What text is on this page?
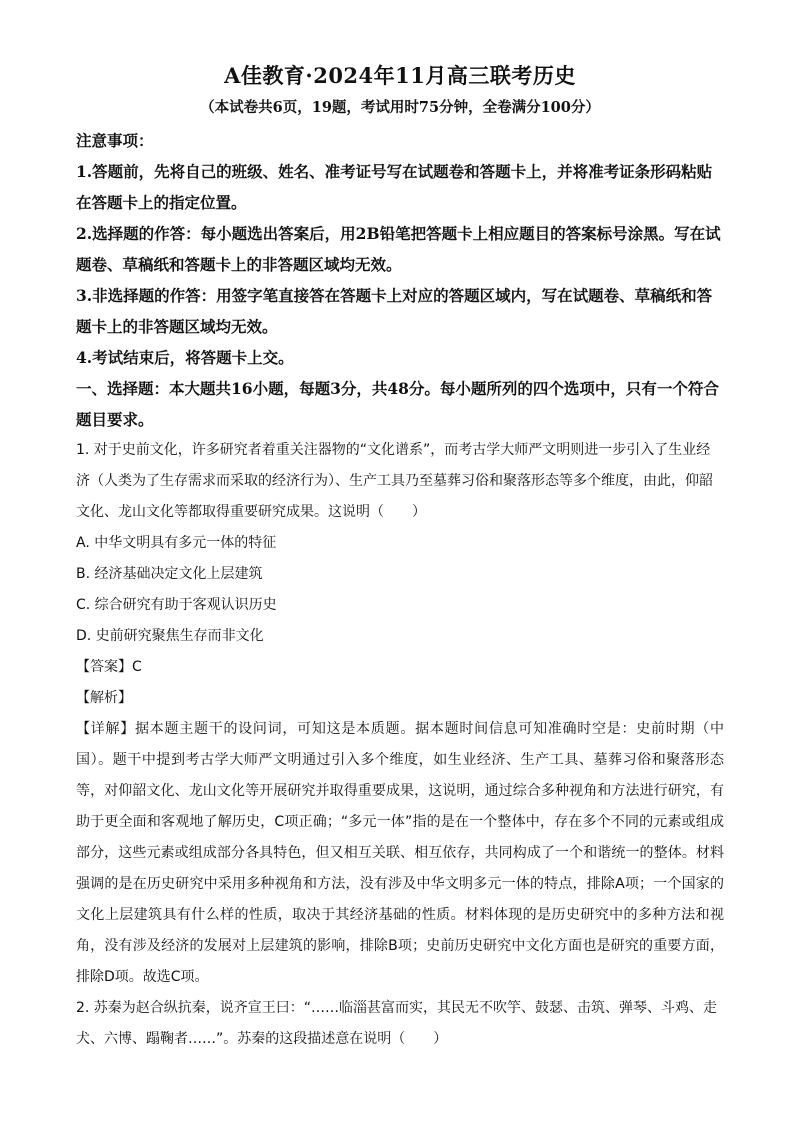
A佳教育·2024年11月高三联考历史

（本试卷共6页，19题，考试用时75分钟，全卷满分100分）

注意事项：

1.答题前，先将自己的班级、姓名、准考证号写在试题卷和答题卡上，并将准考证条形码粘贴在答题卡上的指定位置。

2.选择题的作答：每小题选出答案后，用2B铅笔把答题卡上相应题目的答案标号涂黑。写在试题卷、草稿纸和答题卡上的非答题区域均无效。

3.非选择题的作答：用签字笔直接答在答题卡上对应的答题区域内，写在试题卷、草稿纸和答题卡上的非答题区域均无效。

4.考试结束后，将答题卡上交。

一、选择题：本大题共16小题，每题3分，共48分。每小题所列的四个选项中，只有一个符合题目要求。

1. 对于史前文化，许多研究者着重关注器物的“文化谱系”，而考古学大师严文明则进一步引入了生业经济（人类为了生存需求而采取的经济行为）、生产工具乃至墓葬习俗和聚落形态等多个维度，由此，仰韶文化、龙山文化等都取得重要研究成果。这说明（　　）

A. 中华文明具有多元一体的特征

B. 经济基础决定文化上层建筑

C. 综合研究有助于客观认识历史

D. 史前研究聚焦生存而非文化

【答案】C

【解析】

【详解】据本题主题干的设问词，可知这是本质题。据本题时间信息可知准确时空是：史前时期（中国）。题干中提到考古学大师严文明通过引入多个维度，如生业经济、生产工具、墓葬习俗和聚落形态等，对仰韶文化、龙山文化等开展研究并取得重要成果，这说明，通过综合多种视角和方法进行研究，有助于更全面和客观地了解历史，C项正确；“多元一体”指的是在一个整体中，存在多个不同的元素或组成部分，这些元素或组成部分各具特色，但又相互关联、相互依存，共同构成了一个和谐统一的整体。材料强调的是在历史研究中采用多种视角和方法，没有涉及中华文明多元一体的特点，排除A项；一个国家的文化上层建筑具有什么样的性质，取决于其经济基础的性质。材料体现的是历史研究中的多种方法和视角，没有涉及经济的发展对上层建筑的影响，排除B项；史前历史研究中文化方面也是研究的重要方面，排除D项。故选C项。

2. 苏秦为赵合纵抗秦，说齐宣王曰：“……临淄甚富而实，其民无不吹竽、鼓瑟、击筑、弹琴、斗鸡、走犬、六博、蹋鞠者……”。苏秦的这段描述意在说明（　　）
